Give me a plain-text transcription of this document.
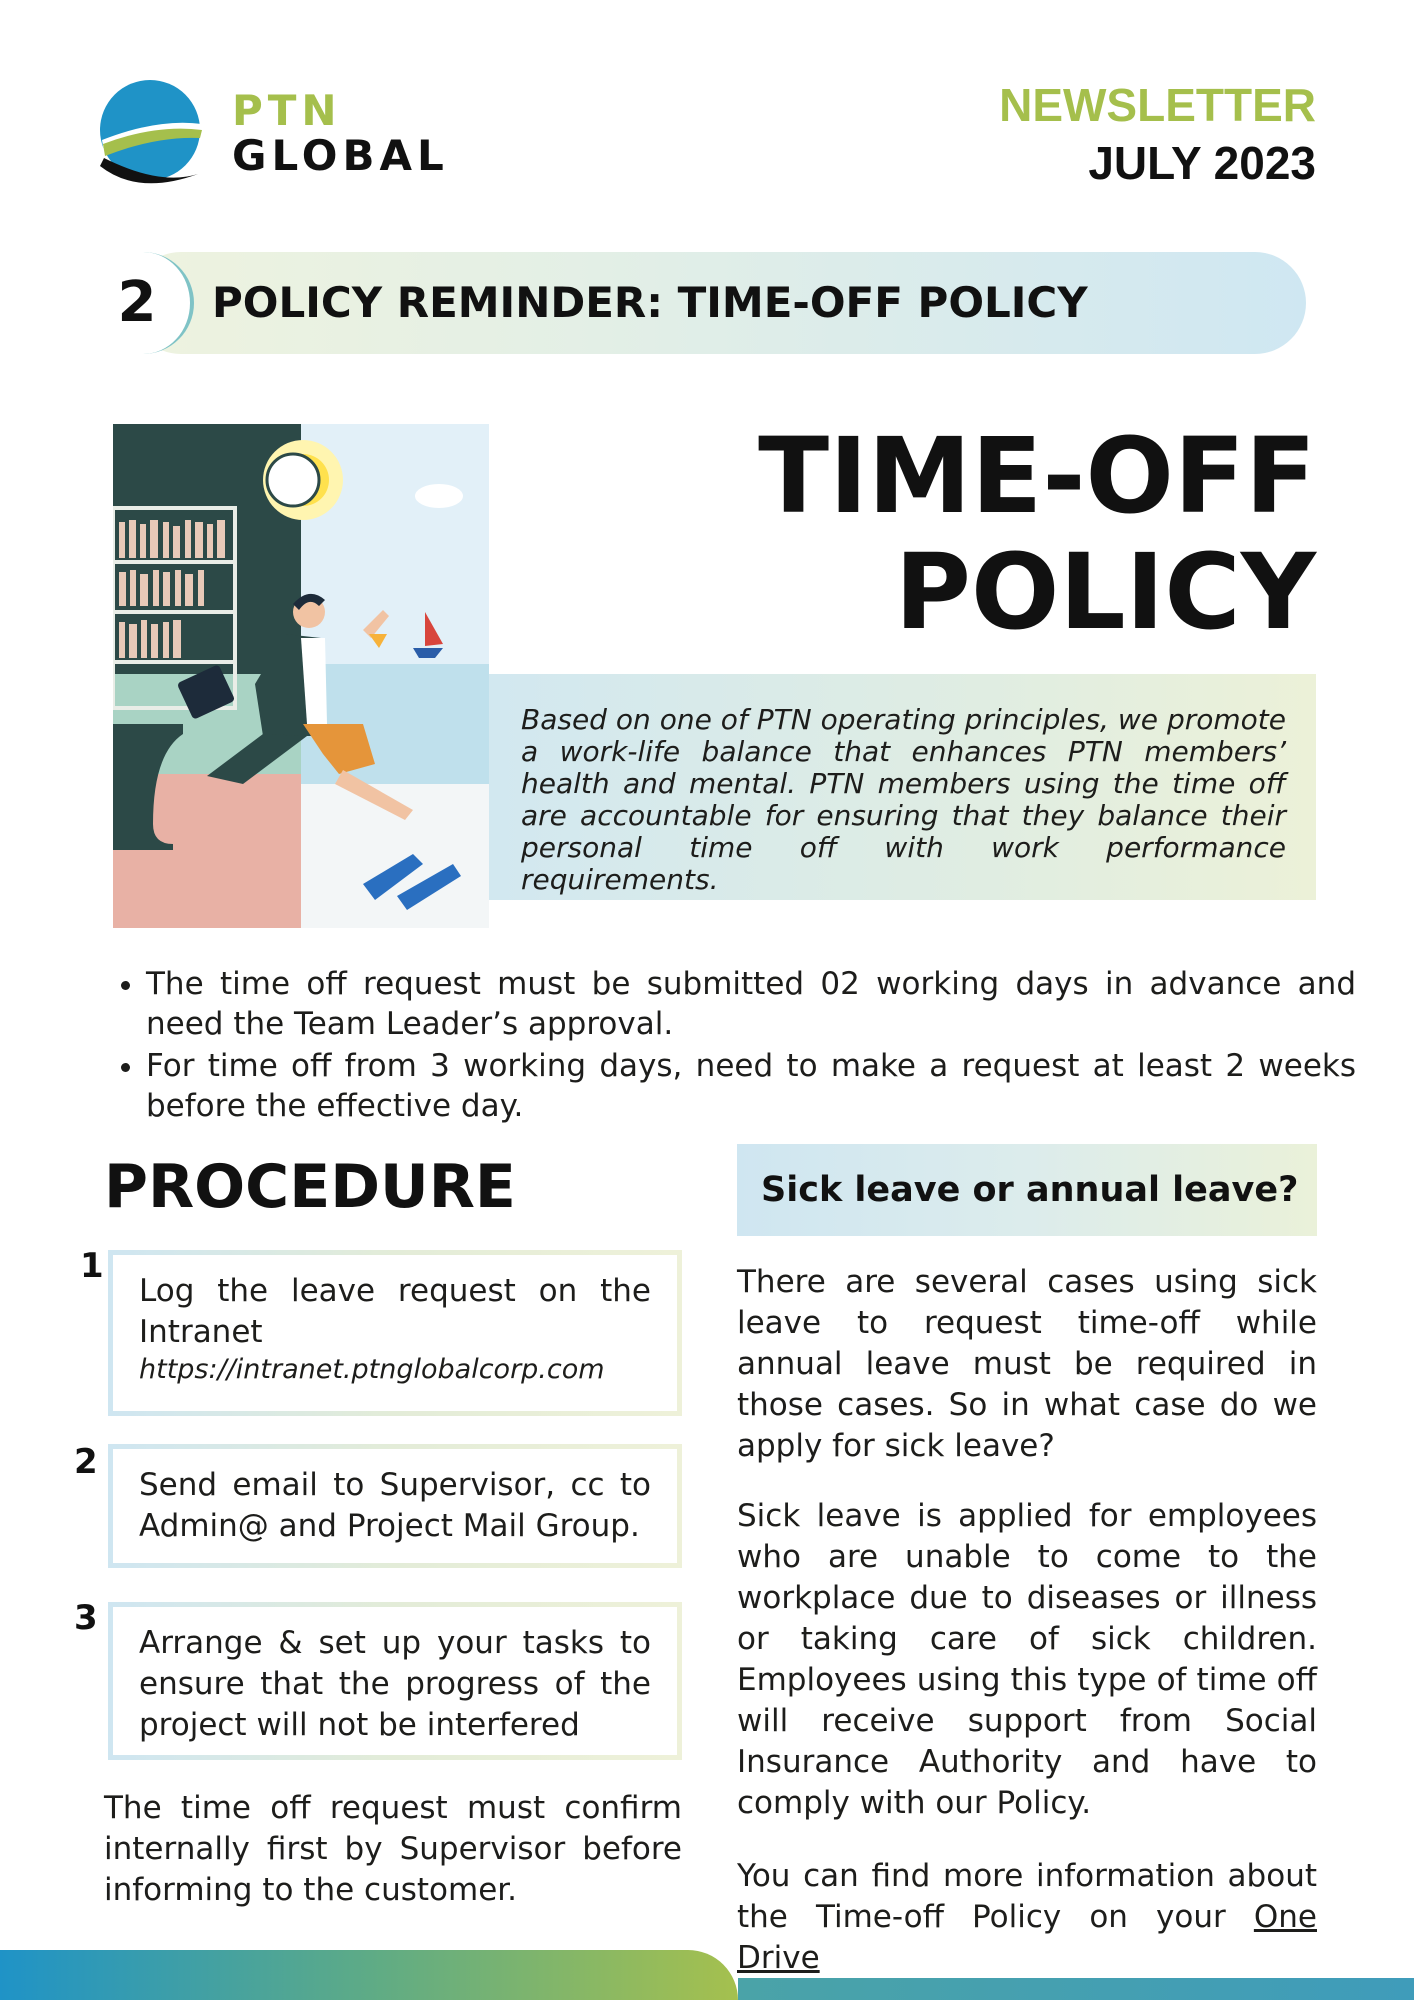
PTN
GLOBAL
NEWSLETTER
JULY 2023
2	POLICY REMINDER: TIME-OFF POLICY
TIME-OFF
POLICY
Based on one of PTN operating principles, we promote a work-life balance that enhances PTN members’ health and mental. PTN members using the time off are accountable for ensuring that they balance their personal time off with work performance requirements.
• The time off request must be submitted 02 working days in advance and need the Team Leader’s approval.
• For time off from 3 working days, need to make a request at least 2 weeks before the effective day.
PROCEDURE
1
Log the leave request on the Intranet
https://intranet.ptnglobalcorp.com
2
Send email to Supervisor, cc to Admin@ and Project Mail Group.
3
Arrange & set up your tasks to ensure that the progress of the project will not be interfered
The time off request must confirm internally first by Supervisor before informing to the customer.
Sick leave or annual leave?

There are several cases using sick leave to request time-off while annual leave must be required in those cases. So in what case do we apply for sick leave?

Sick leave is applied for employees who are unable to come to the workplace due to diseases or illness or taking care of sick children. Employees using this type of time off will receive support from Social Insurance Authority and have to comply with our Policy.

You can find more information about the Time-off Policy on your One Drive
